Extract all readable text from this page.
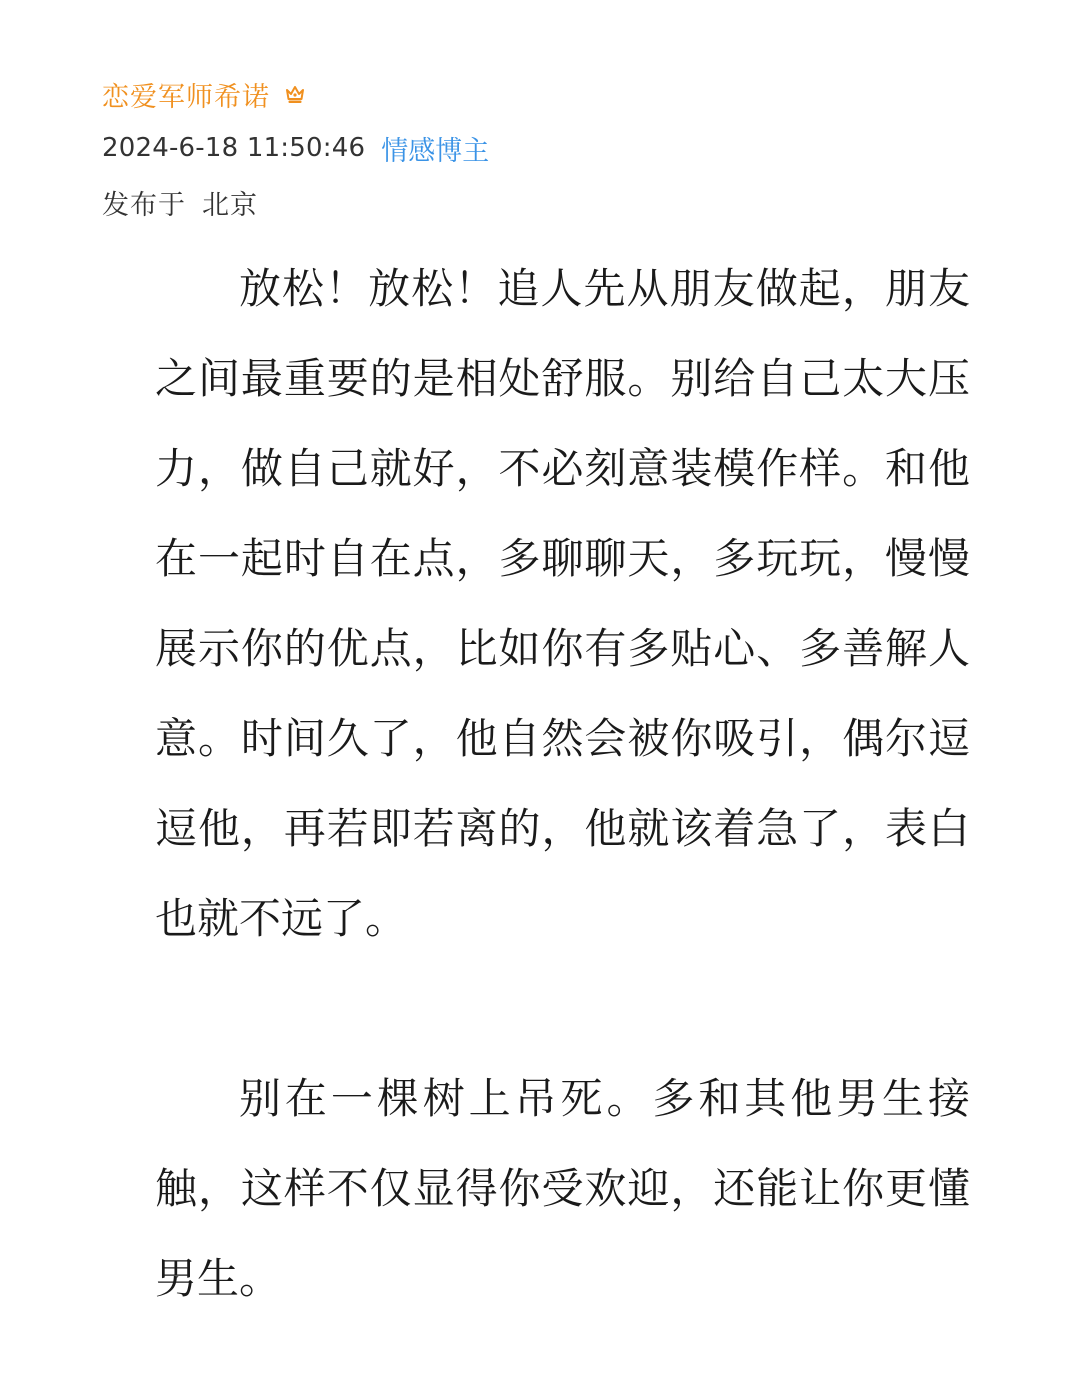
恋爱军师希诺
2024-6-18 11:50:46 情感博主
发布于 北京

放松！放松！追人先从朋友做起，朋友之间最重要的是相处舒服。别给自己太大压力，做自己就好，不必刻意装模作样。和他在一起时自在点，多聊聊天，多玩玩，慢慢展示你的优点，比如你有多贴心、多善解人意。时间久了，他自然会被你吸引，偶尔逗逗他，再若即若离的，他就该着急了，表白也就不远了。

别在一棵树上吊死。多和其他男生接触，这样不仅显得你受欢迎，还能让你更懂男生。
